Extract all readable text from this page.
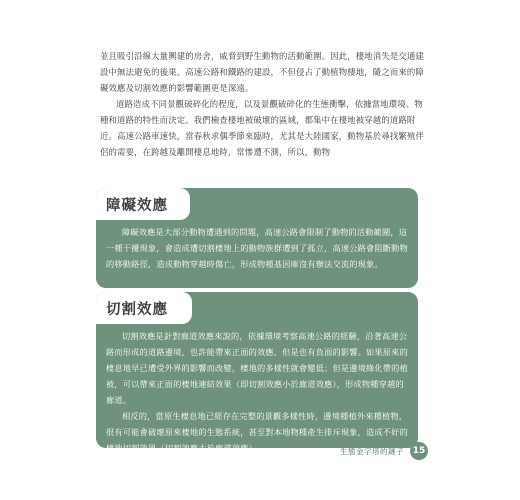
並且吸引沿線大量興建的房舍，威脅到野生動物的活動範圍。因此，棲地消失是交通建設中無法避免的後果。高速公路和鐵路的建設，不但侵占了動植物棲地，隨之而來的障礙效應及切割效應的影響範圍更是深遠。

道路造成不同景觀破碎化的程度，以及景觀破碎化的生態衝擊，依據當地環境、物種和道路的特性而決定。我們檢查棲地被破壞的區域，都集中在棲地被穿越的道路附近。高速公路車速快，當春秋求偶季節來臨時，尤其是大陸國家，動物基於尋找繁殖伴侶的需要，在跨越及離開棲息地時，常慘遭不測，所以，動物

障礙效應

障礙效應是大部分動物遭遇到的問題，高速公路會限制了動物的活動範圍，這一種干擾現象，會造成遭切割棲地上的動物族群遭到了孤立，高速公路會阻斷動物的移動路徑，造成動物穿越時傷亡，形成物種基因庫沒有辦法交流的現象。

切割效應

切割效應是針對廊道效應來說的，依據環境考察高速公路的經驗，沿著高速公路而形成的道路邊境，也許能帶來正面的效應，但是也有負面的影響。如果原來的棲息地早已遭受外界的影響而改變，棲地的多樣性就會變低；但是邊境綠化帶的植被，可以帶來正面的棲地連結效果（即切割效應小於廊道效應），形成物種穿越的廊道。

相反的，當原生棲息地已經存在完整的景觀多樣性時，邊境種植外來種植物，很有可能會破壞原來棲地的生態系統，甚至對本地物種產生排斥現象，造成不好的棲地切割效果（切割效應大於廊道效應）。	生態金字塔的鏈子 15
